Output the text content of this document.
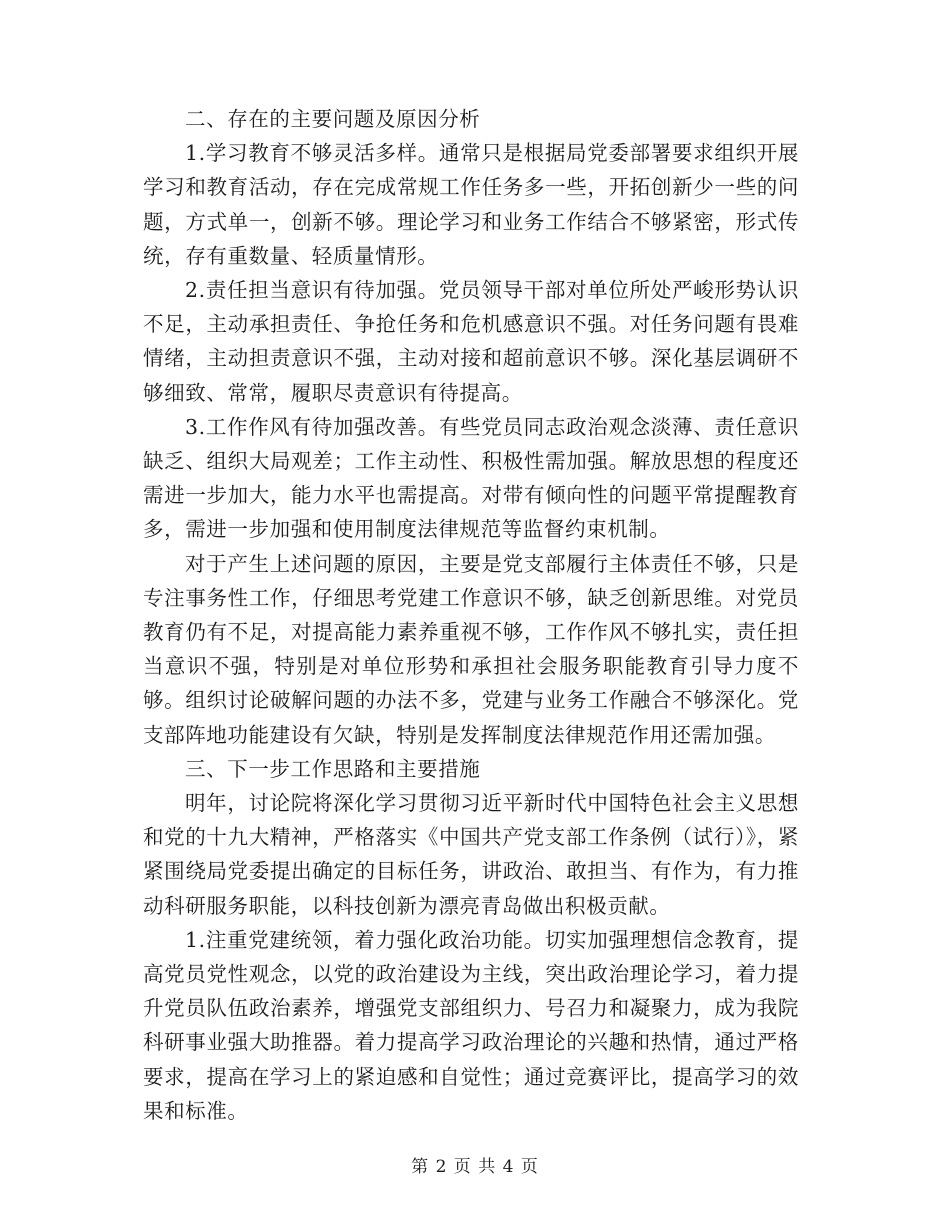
二、存在的主要问题及原因分析

1.学习教育不够灵活多样。通常只是根据局党委部署要求组织开展学习和教育活动，存在完成常规工作任务多一些，开拓创新少一些的问题，方式单一，创新不够。理论学习和业务工作结合不够紧密，形式传统，存有重数量、轻质量情形。

2.责任担当意识有待加强。党员领导干部对单位所处严峻形势认识不足，主动承担责任、争抢任务和危机感意识不强。对任务问题有畏难情绪，主动担责意识不强，主动对接和超前意识不够。深化基层调研不够细致、常常，履职尽责意识有待提高。

3.工作作风有待加强改善。有些党员同志政治观念淡薄、责任意识缺乏、组织大局观差；工作主动性、积极性需加强。解放思想的程度还需进一步加大，能力水平也需提高。对带有倾向性的问题平常提醒教育多，需进一步加强和使用制度法律规范等监督约束机制。

对于产生上述问题的原因，主要是党支部履行主体责任不够，只是专注事务性工作，仔细思考党建工作意识不够，缺乏创新思维。对党员教育仍有不足，对提高能力素养重视不够，工作作风不够扎实，责任担当意识不强，特别是对单位形势和承担社会服务职能教育引导力度不够。组织讨论破解问题的办法不多，党建与业务工作融合不够深化。党支部阵地功能建设有欠缺，特别是发挥制度法律规范作用还需加强。

三、下一步工作思路和主要措施

明年，讨论院将深化学习贯彻习近平新时代中国特色社会主义思想和党的十九大精神，严格落实《中国共产党支部工作条例（试行）》，紧紧围绕局党委提出确定的目标任务，讲政治、敢担当、有作为，有力推动科研服务职能，以科技创新为漂亮青岛做出积极贡献。

1.注重党建统领，着力强化政治功能。切实加强理想信念教育，提高党员党性观念，以党的政治建设为主线，突出政治理论学习，着力提升党员队伍政治素养，增强党支部组织力、号召力和凝聚力，成为我院科研事业强大助推器。着力提高学习政治理论的兴趣和热情，通过严格要求，提高在学习上的紧迫感和自觉性；通过竞赛评比，提高学习的效果和标准。

第 2 页 共 4 页
